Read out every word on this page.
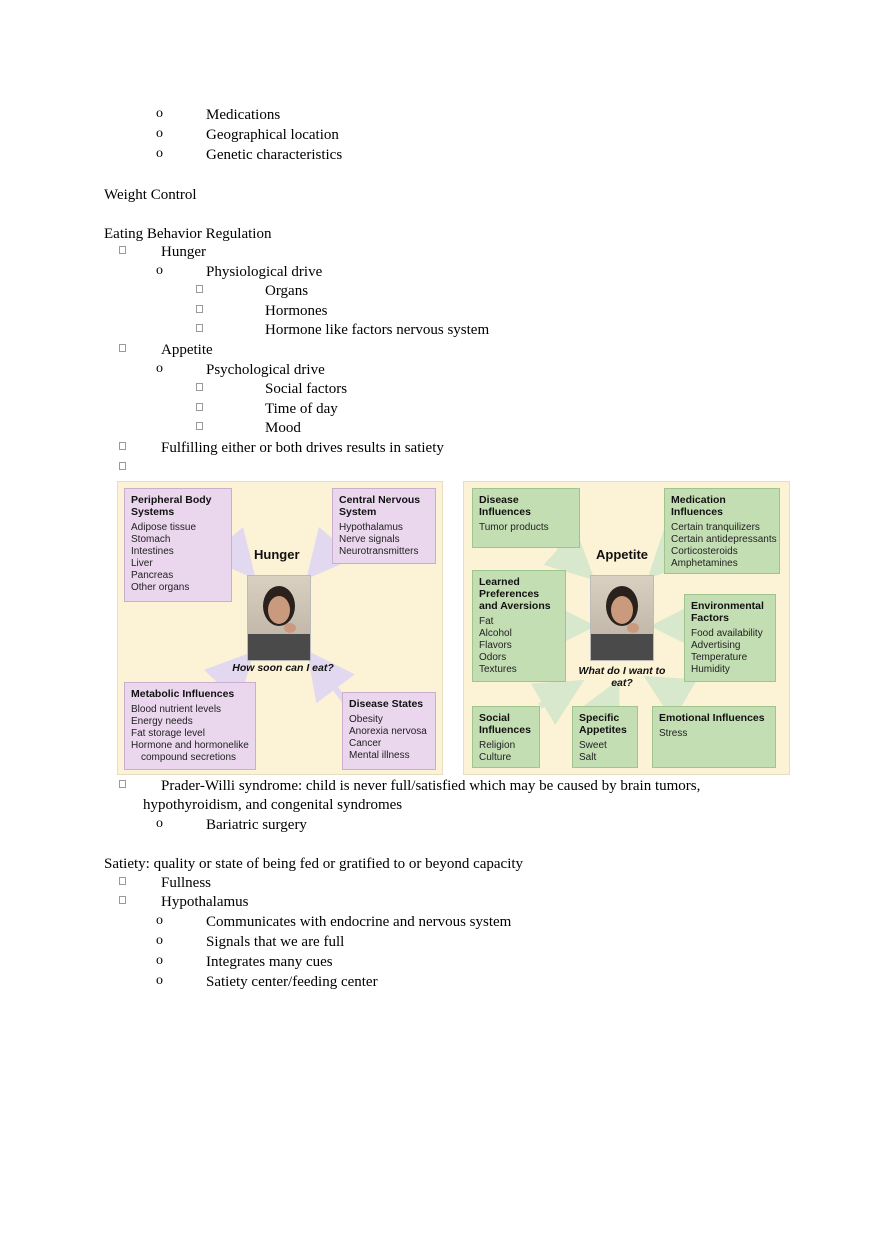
o	Medications
o	Geographical location
o	Genetic characteristics
Weight Control
Eating Behavior Regulation
Hunger
o	Physiological drive
Organs
Hormones
Hormone like factors nervous system
Appetite
o	Psychological drive
Social factors
Time of day
Mood
Fulfilling either or both drives results in satiety
Peripheral Body Systems
Adipose tissue
Stomach
Intestines
Liver
Pancreas
Other organs
Central Nervous System
Hypothalamus
Nerve signals
Neurotransmitters
Hunger
How soon can I eat?
Metabolic Influences
Blood nutrient levels
Energy needs
Fat storage level
Hormone and hormonelike
compound secretions
Disease States
Obesity
Anorexia nervosa
Cancer
Mental illness
Disease Influences
Tumor products
Medication Influences
Certain tranquilizers
Certain antidepressants
Corticosteroids
Amphetamines
Appetite
Learned Preferences and Aversions
Fat
Alcohol
Flavors
Odors
Textures
Environmental Factors
Food availability
Advertising
Temperature
Humidity
What do I want to eat?
Social Influences
Religion
Culture
Specific Appetites
Sweet
Salt
Emotional Influences
Stress
Prader-Willi syndrome: child is never full/satisfied which may be caused by brain tumors,
hypothyroidism, and congenital syndromes
o	Bariatric surgery
Satiety: quality or state of being fed or gratified to or beyond capacity
Fullness
Hypothalamus
o	Communicates with endocrine and nervous system
o	Signals that we are full
o	Integrates many cues
o	Satiety center/feeding center
